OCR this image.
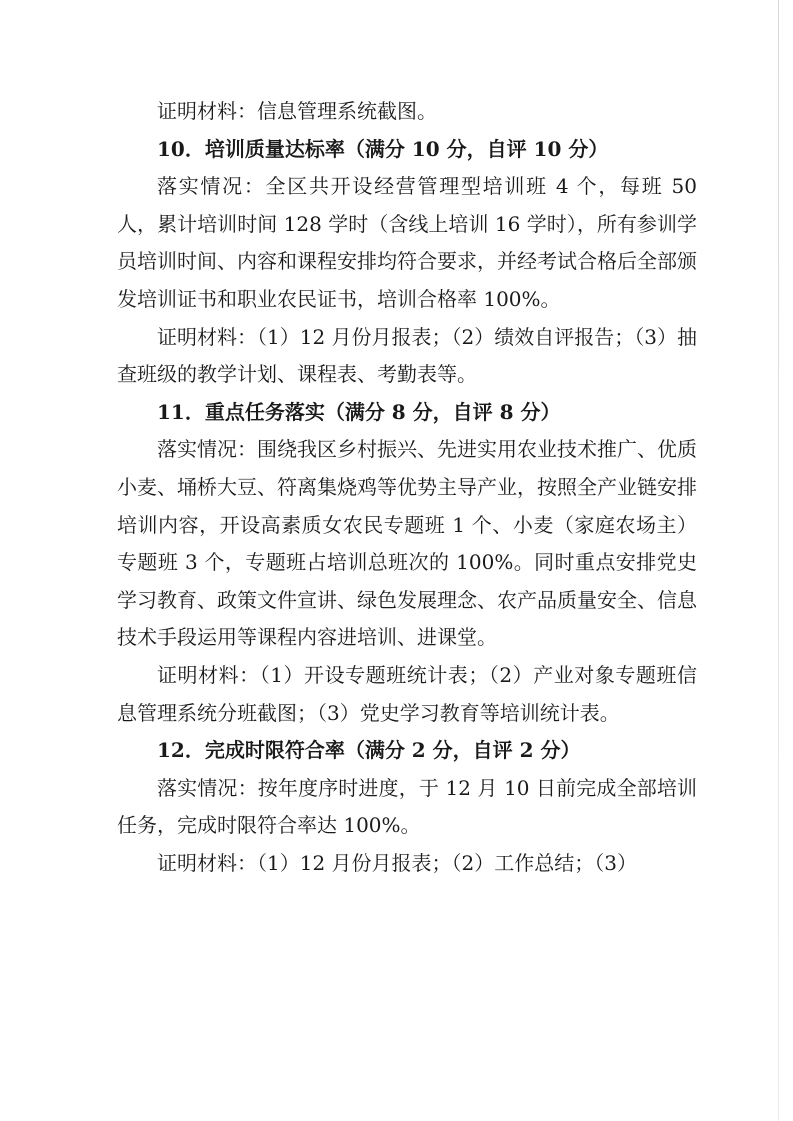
证明材料：信息管理系统截图。

10．培训质量达标率（满分 10 分，自评 10 分）

落实情况：全区共开设经营管理型培训班 4 个，每班 50 人，累计培训时间 128 学时（含线上培训 16 学时），所有参训学员培训时间、内容和课程安排均符合要求，并经考试合格后全部颁发培训证书和职业农民证书，培训合格率 100%。

证明材料：（1）12 月份月报表；（2）绩效自评报告；（3）抽查班级的教学计划、课程表、考勤表等。

11．重点任务落实（满分 8 分，自评 8 分）

落实情况：围绕我区乡村振兴、先进实用农业技术推广、优质小麦、埇桥大豆、符离集烧鸡等优势主导产业，按照全产业链安排培训内容，开设高素质女农民专题班 1 个、小麦（家庭农场主）专题班 3 个，专题班占培训总班次的 100%。同时重点安排党史学习教育、政策文件宣讲、绿色发展理念、农产品质量安全、信息技术手段运用等课程内容进培训、进课堂。

证明材料：（1）开设专题班统计表；（2）产业对象专题班信息管理系统分班截图；（3）党史学习教育等培训统计表。

12．完成时限符合率（满分 2 分，自评 2 分）

落实情况：按年度序时进度，于 12 月 10 日前完成全部培训任务，完成时限符合率达 100%。

证明材料：（1）12 月份月报表；（2）工作总结；（3）
